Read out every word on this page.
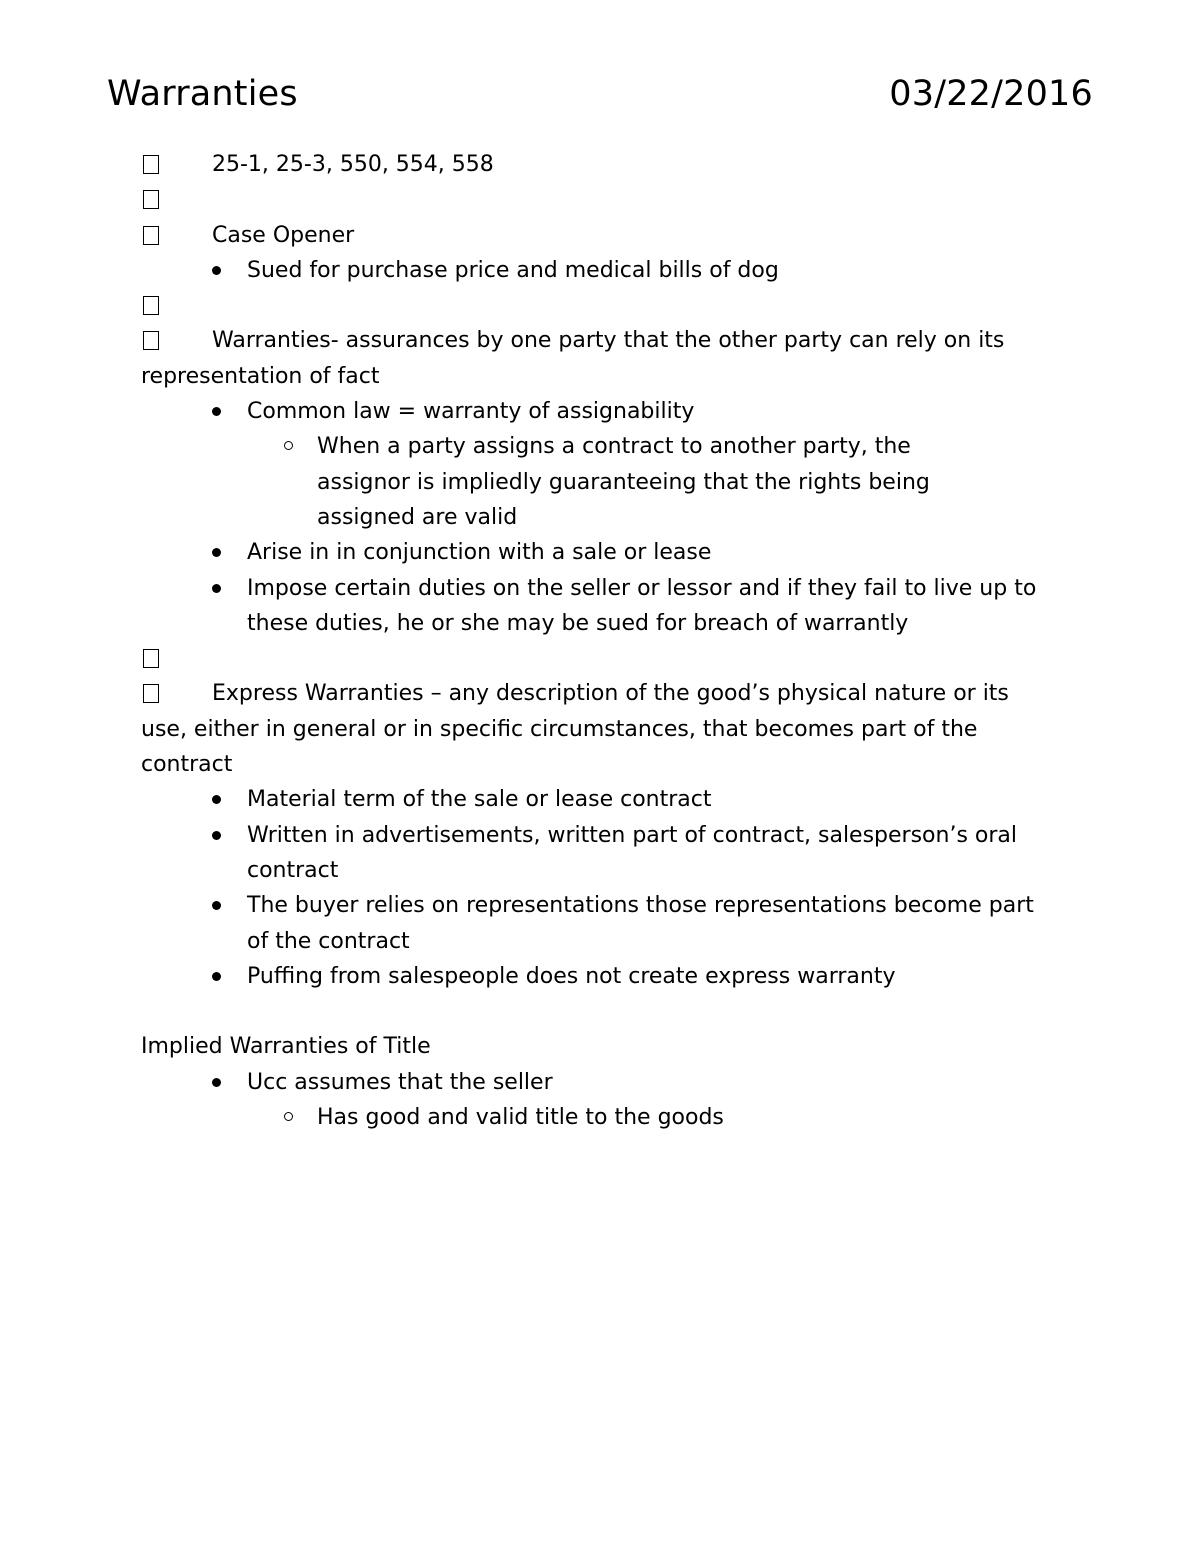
Warranties	03/22/2016
25-1, 25-3, 550, 554, 558
Case Opener
Sued for purchase price and medical bills of dog
Warranties- assurances by one party that the other party can rely on its representation of fact
Common law = warranty of assignability
When a party assigns a contract to another party, the assignor is impliedly guaranteeing that the rights being assigned are valid
Arise in in conjunction with a sale or lease
Impose certain duties on the seller or lessor and if they fail to live up to these duties, he or she may be sued for breach of warrantly
Express Warranties – any description of the good’s physical nature or its use, either in general or in specific circumstances, that becomes part of the contract
Material term of the sale or lease contract
Written in advertisements, written part of contract, salesperson’s oral contract
The buyer relies on representations those representations become part of the contract
Puffing from salespeople does not create express warranty
Implied Warranties of Title
Ucc assumes that the seller
Has good and valid title to the goods
